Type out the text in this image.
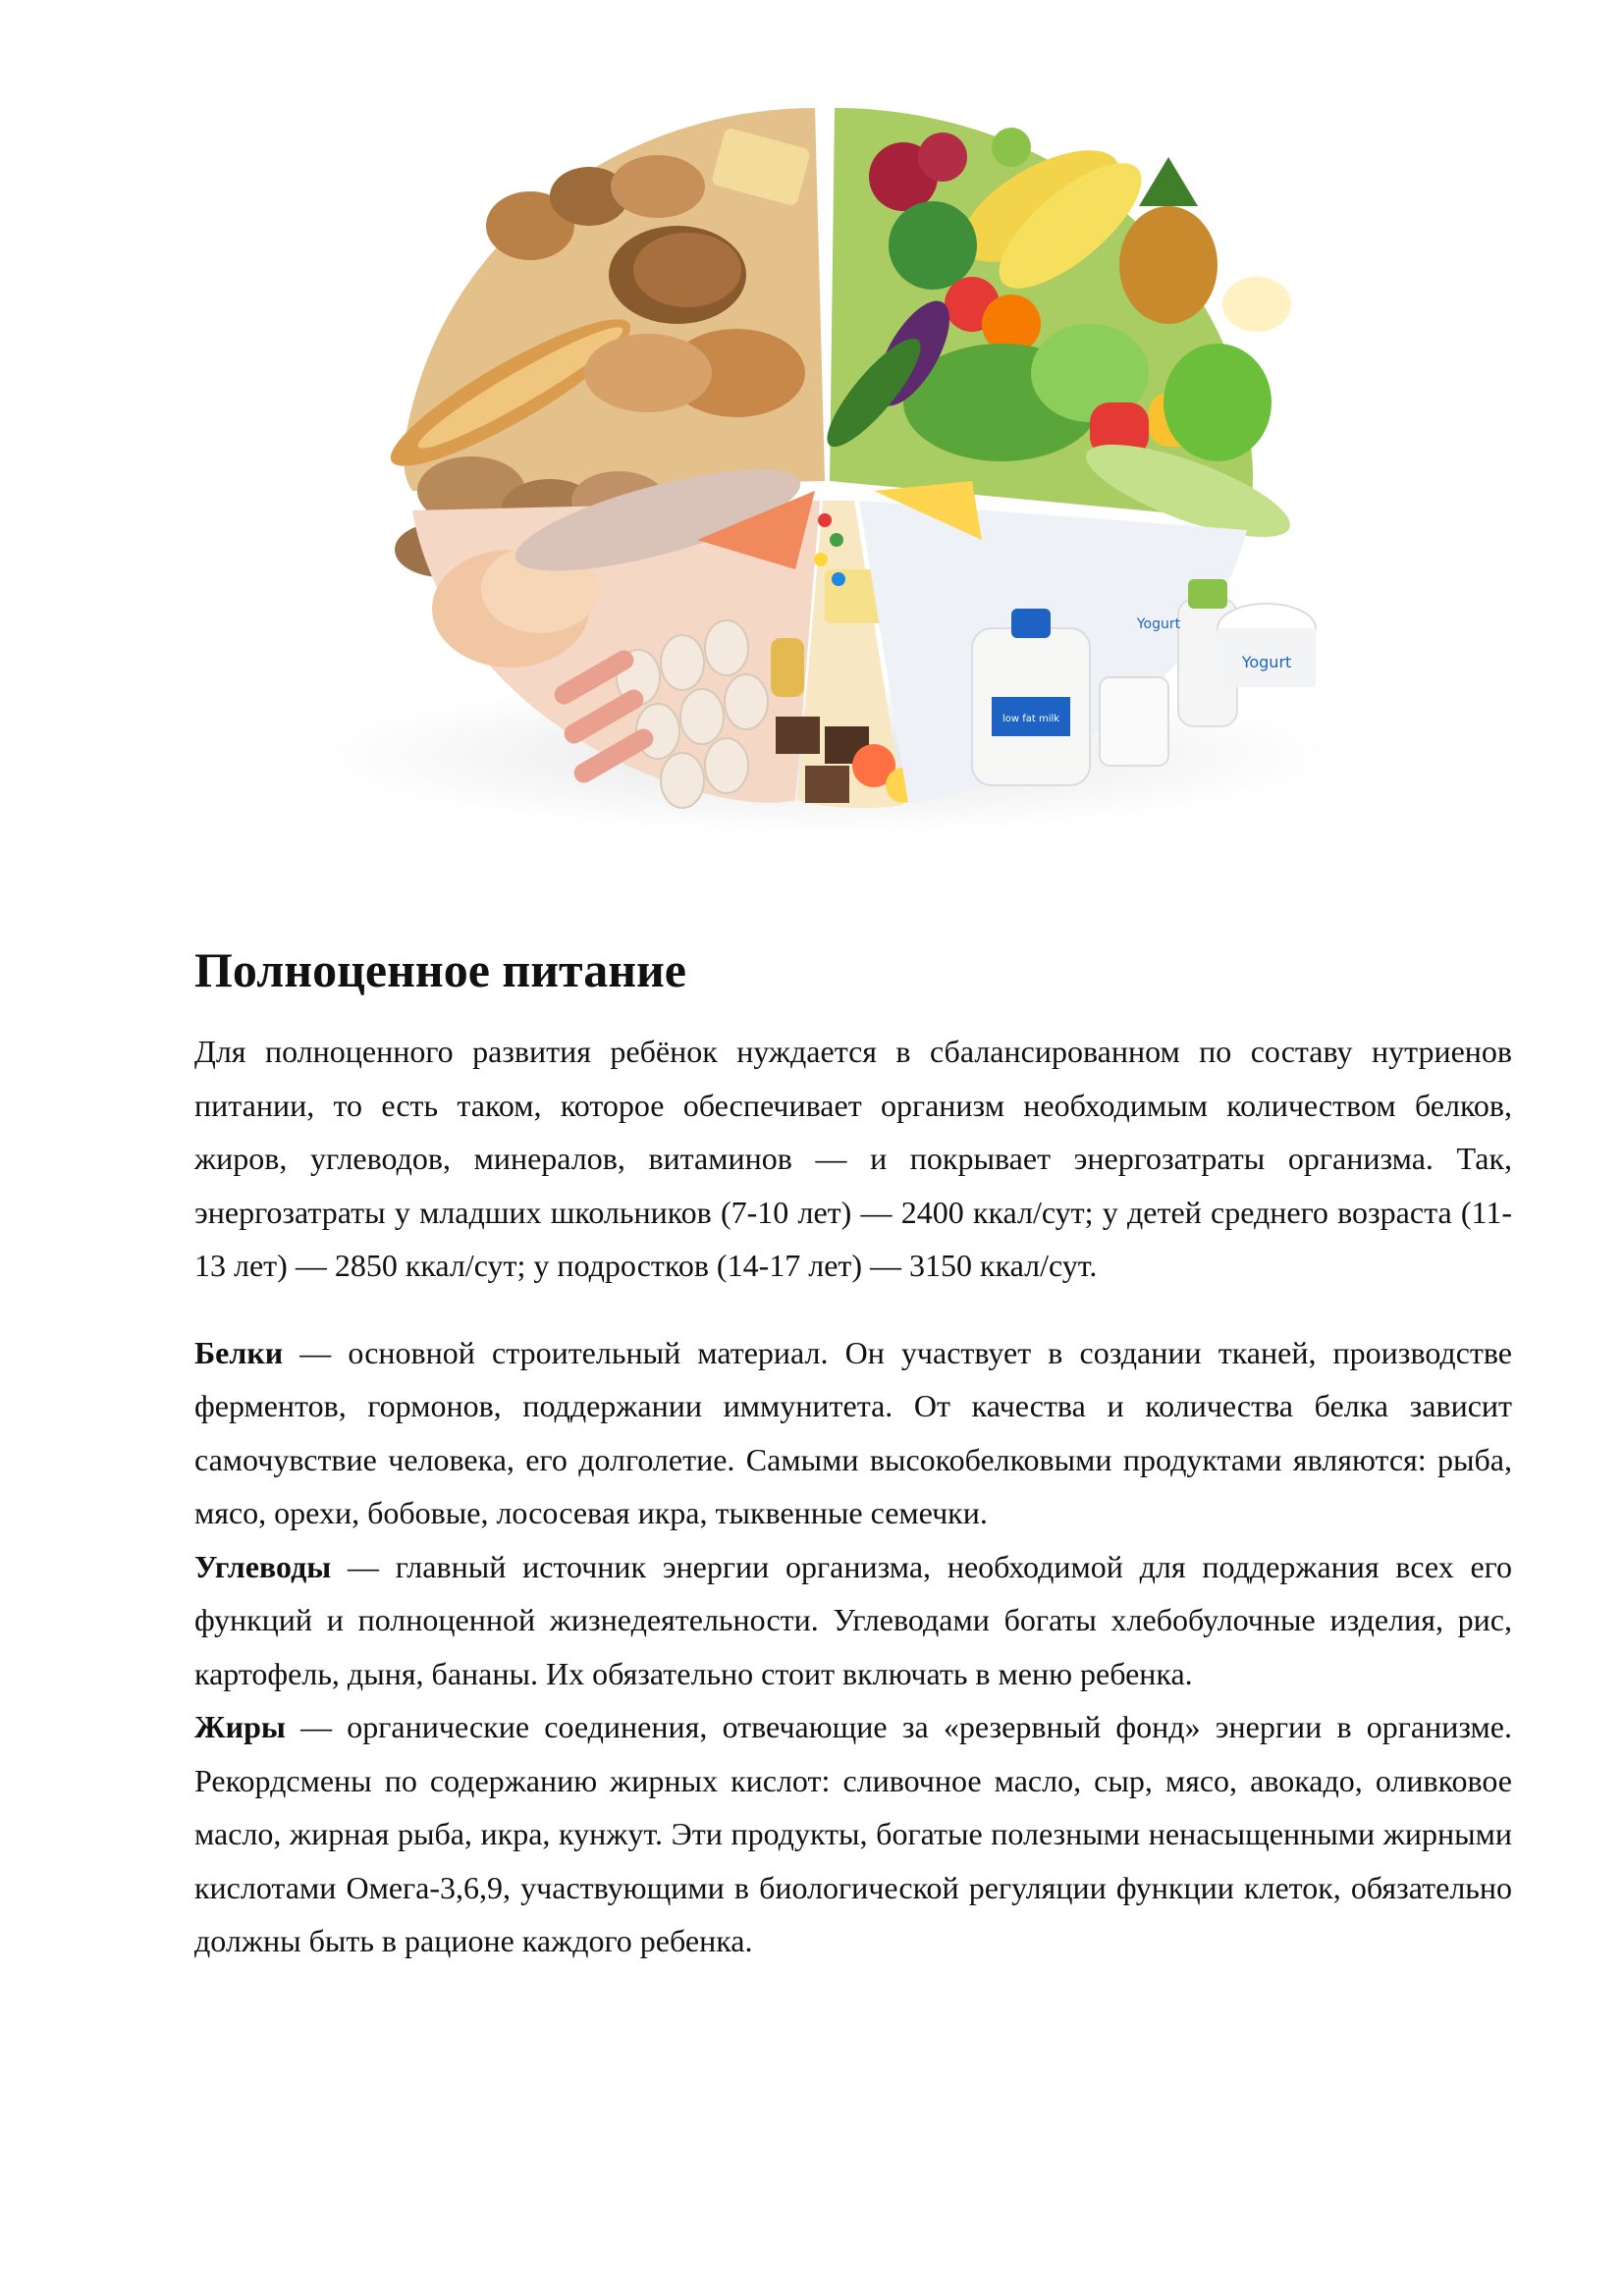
low fat milk
Yogurt
Yogurt
Полноценное питание

Для полноценного развития ребёнок нуждается в сбалансированном по составу нутриенов питании, то есть таком, которое обеспечивает организм необходимым количеством белков, жиров, углеводов, минералов, витаминов — и покрывает энергозатраты организма. Так, энергозатраты у младших школьников (7-10 лет) — 2400 ккал/сут; у детей среднего возраста (11-13 лет) — 2850 ккал/сут; у подростков (14-17 лет) — 3150 ккал/сут.

Белки — основной строительный материал. Он участвует в создании тканей, производстве ферментов, гормонов, поддержании иммунитета. От качества и количества белка зависит самочувствие человека, его долголетие. Самыми высокобелковыми продуктами являются: рыба, мясо, орехи, бобовые, лососевая икра, тыквенные семечки.

Углеводы — главный источник энергии организма, необходимой для поддержания всех его функций и полноценной жизнедеятельности. Углеводами богаты хлебобулочные изделия, рис, картофель, дыня, бананы. Их обязательно стоит включать в меню ребенка.

Жиры — органические соединения, отвечающие за «резервный фонд» энергии в организме. Рекордсмены по содержанию жирных кислот: сливочное масло, сыр, мясо, авокадо, оливковое масло, жирная рыба, икра, кунжут. Эти продукты, богатые полезными ненасыщенными жирными кислотами Омега-3,6,9, участвующими в биологической регуляции функции клеток, обязательно должны быть в рационе каждого ребенка.
